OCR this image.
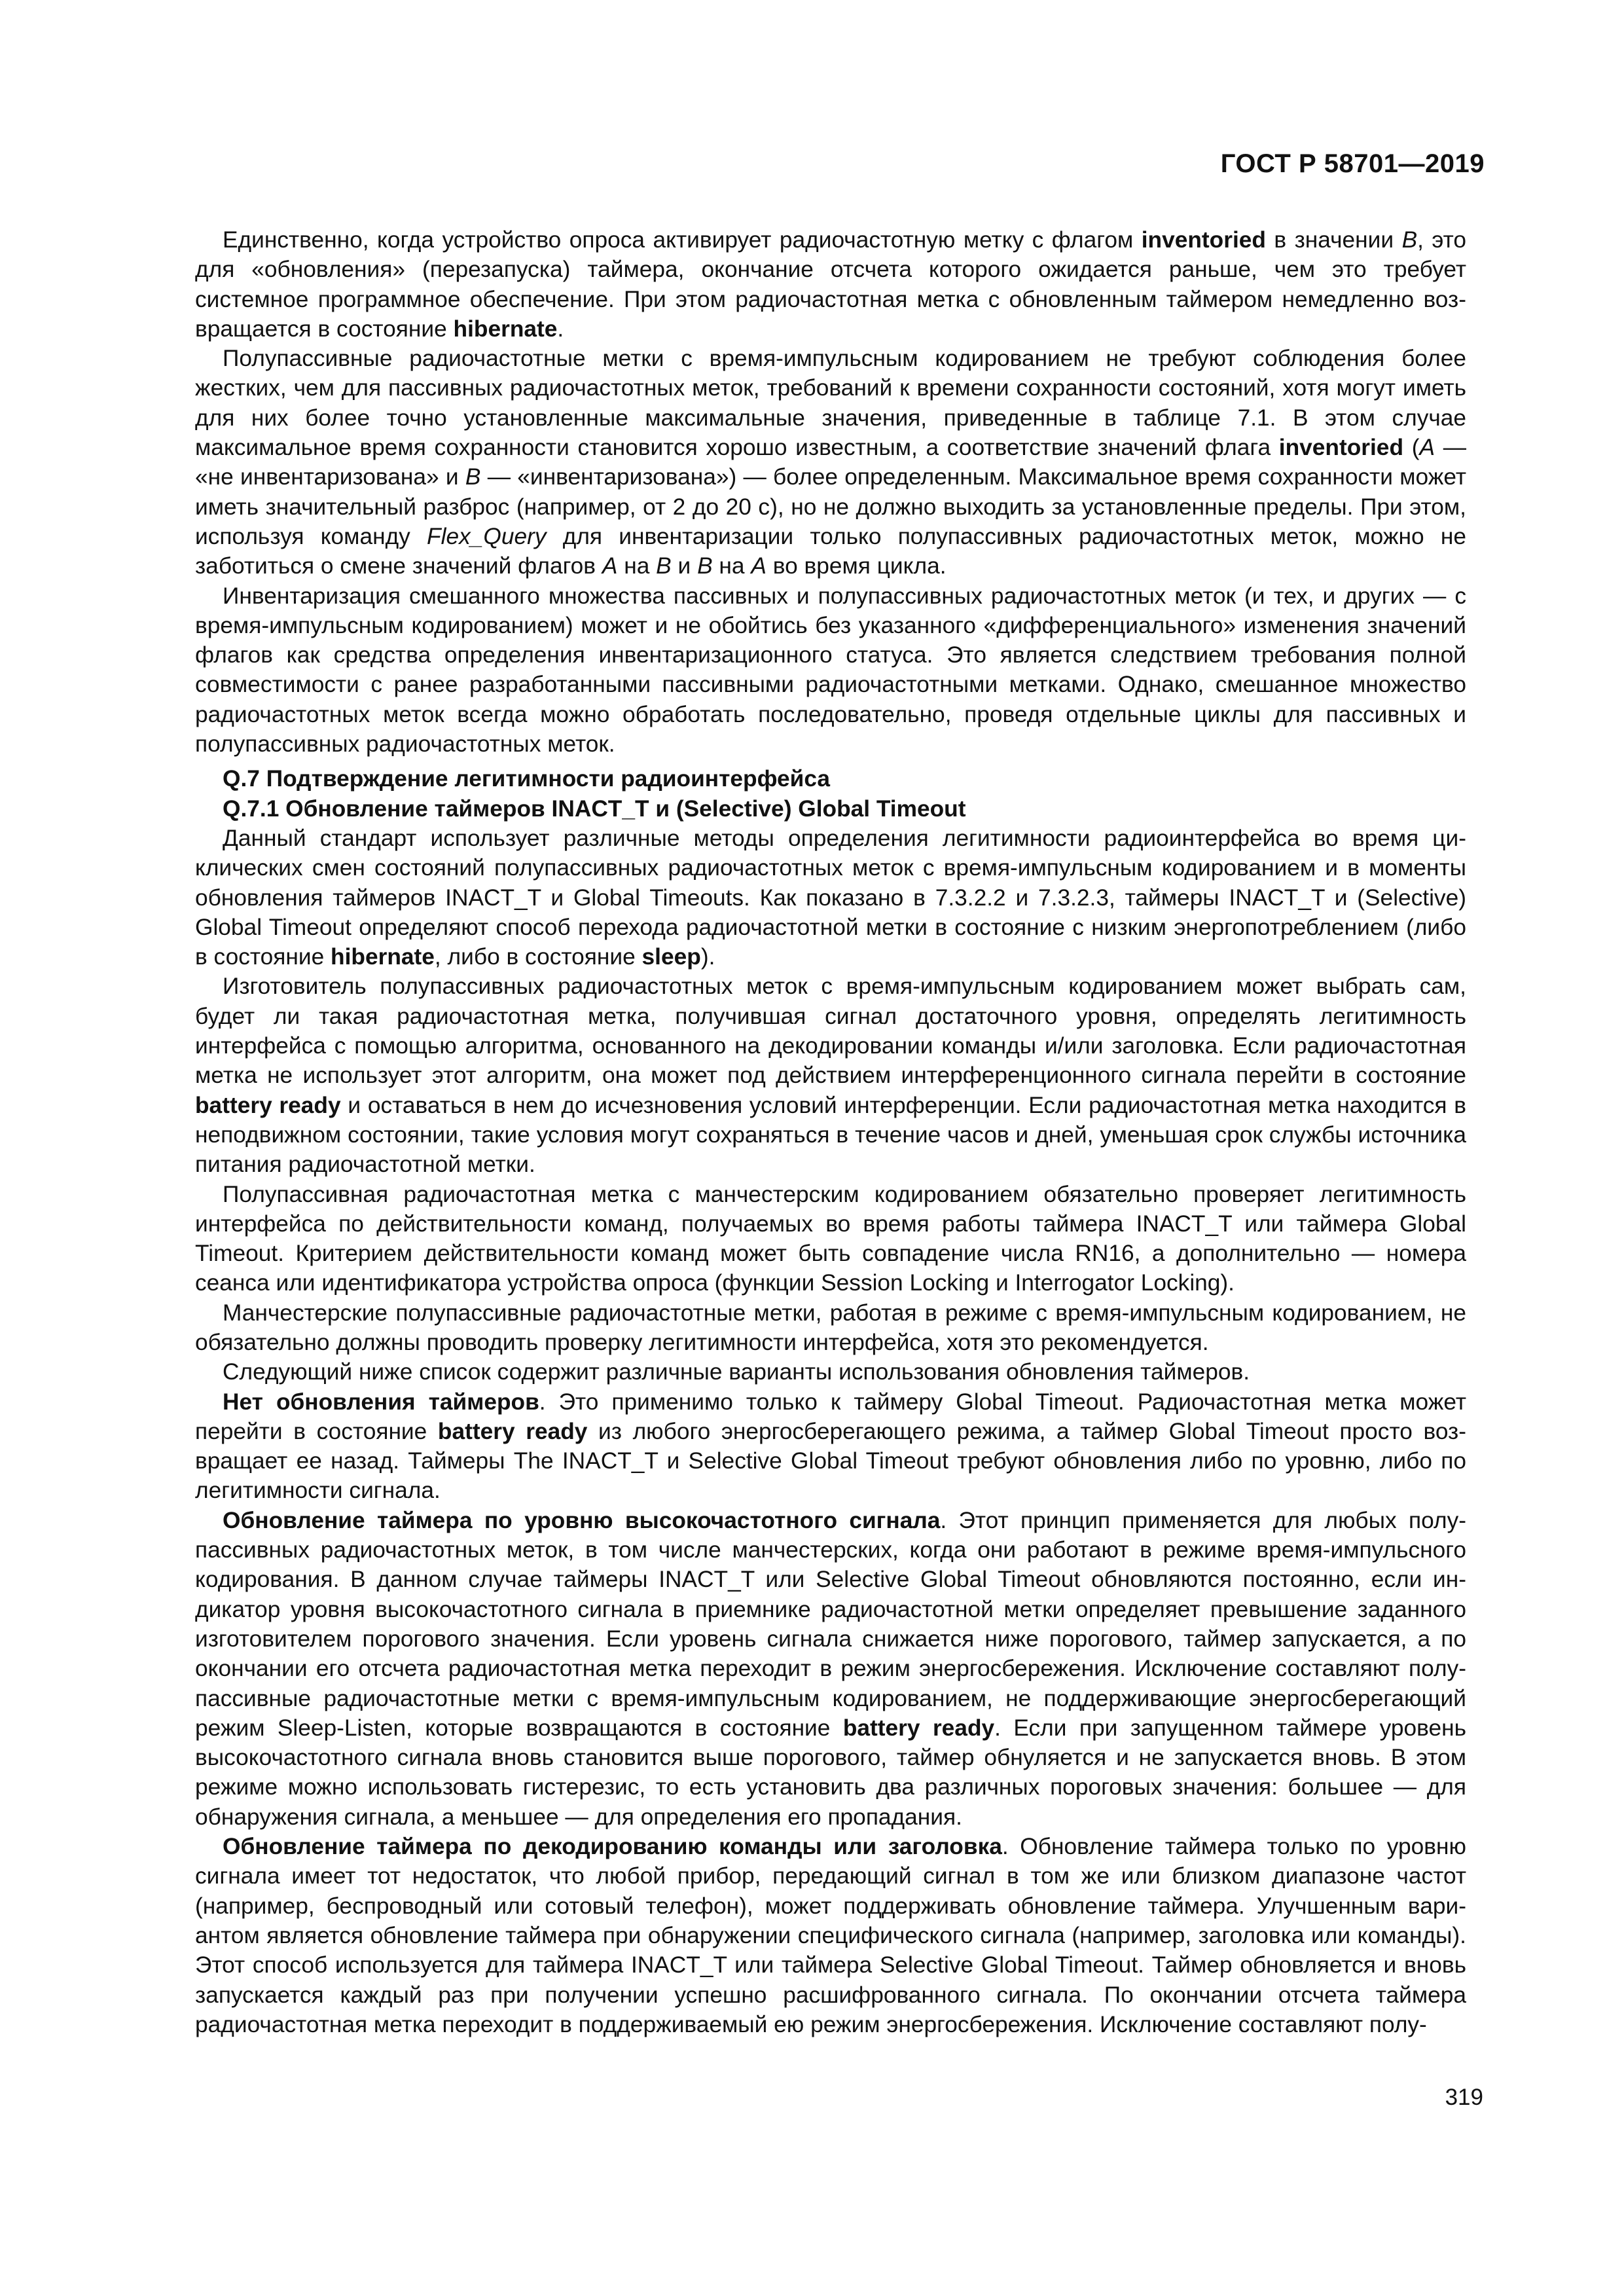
ГОСТ Р 58701—2019

Единственно, когда устройство опроса активирует радиочастотную метку с флагом inventoried в значении B, это для «обновления» (перезапуска) таймера, окончание отсчета которого ожидается раньше, чем это требует системное программное обеспечение. При этом радиочастотная метка с обновленным таймером немедленно возвращается в состояние hibernate.

Полупассивные радиочастотные метки с время-импульсным кодированием не требуют соблюдения более жестких, чем для пассивных радиочастотных меток, требований к времени сохранности состояний, хотя могут иметь для них более точно установленные максимальные значения, приведенные в таблице 7.1. В этом случае максимальное время сохранности становится хорошо известным, а соответствие значений флага inventoried (A — «не инвентаризована» и B — «инвентаризована») — более определенным. Максимальное время сохранности может иметь значительный разброс (например, от 2 до 20 с), но не должно выходить за установленные пределы. При этом, используя команду Flex_Query для инвентаризации только полупассивных радиочастотных меток, можно не заботиться о смене значений флагов A на B и B на A во время цикла.

Инвентаризация смешанного множества пассивных и полупассивных радиочастотных меток (и тех, и других — с время-импульсным кодированием) может и не обойтись без указанного «дифференциального» изменения значений флагов как средства определения инвентаризационного статуса. Это является следствием требования полной совместимости с ранее разработанными пассивными радиочастотными метками. Однако, смешанное множество радиочастотных меток всегда можно обработать последовательно, проведя отдельные циклы для пассивных и полупассивных радиочастотных меток.

Q.7 Подтверждение легитимности радиоинтерфейса

Q.7.1 Обновление таймеров INACT_T и (Selective) Global Timeout

Данный стандарт использует различные методы определения легитимности радиоинтерфейса во время циклических смен состояний полупассивных радиочастотных меток с время-импульсным кодированием и в моменты обновления таймеров INACT_T и Global Timeouts. Как показано в 7.3.2.2 и 7.3.2.3, таймеры INACT_T и (Selective) Global Timeout определяют способ перехода радиочастотной метки в состояние с низким энергопотреблением (либо в состояние hibernate, либо в состояние sleep).

Изготовитель полупассивных радиочастотных меток с время-импульсным кодированием может выбрать сам, будет ли такая радиочастотная метка, получившая сигнал достаточного уровня, определять легитимность интерфейса с помощью алгоритма, основанного на декодировании команды и/или заголовка. Если радиочастотная метка не использует этот алгоритм, она может под действием интерференционного сигнала перейти в состояние battery ready и оставаться в нем до исчезновения условий интерференции. Если радиочастотная метка находится в неподвижном состоянии, такие условия могут сохраняться в течение часов и дней, уменьшая срок службы источника питания радиочастотной метки.

Полупассивная радиочастотная метка с манчестерским кодированием обязательно проверяет легитимность интерфейса по действительности команд, получаемых во время работы таймера INACT_T или таймера Global Timeout. Критерием действительности команд может быть совпадение числа RN16, а дополнительно — номера сеанса или идентификатора устройства опроса (функции Session Locking и Interrogator Locking).

Манчестерские полупассивные радиочастотные метки, работая в режиме с время-импульсным кодированием, не обязательно должны проводить проверку легитимности интерфейса, хотя это рекомендуется.

Следующий ниже список содержит различные варианты использования обновления таймеров.

Нет обновления таймеров. Это применимо только к таймеру Global Timeout. Радиочастотная метка может перейти в состояние battery ready из любого энергосберегающего режима, а таймер Global Timeout просто возвращает ее назад. Таймеры The INACT_T и Selective Global Timeout требуют обновления либо по уровню, либо по легитимности сигнала.

Обновление таймера по уровню высокочастотного сигнала. Этот принцип применяется для любых полупассивных радиочастотных меток, в том числе манчестерских, когда они работают в режиме время-импульсного кодирования. В данном случае таймеры INACT_T или Selective Global Timeout обновляются постоянно, если индикатор уровня высокочастотного сигнала в приемнике радиочастотной метки определяет превышение заданного изготовителем порогового значения. Если уровень сигнала снижается ниже порогового, таймер запускается, а по окончании его отсчета радиочастотная метка переходит в режим энергосбережения. Исключение составляют полупассивные радиочастотные метки с время-импульсным кодированием, не поддерживающие энергосберегающий режим Sleep-Listen, которые возвращаются в состояние battery ready. Если при запущенном таймере уровень высокочастотного сигнала вновь становится выше порогового, таймер обнуляется и не запускается вновь. В этом режиме можно использовать гистерезис, то есть установить два различных пороговых значения: большее — для обнаружения сигнала, а меньшее — для определения его пропадания.

Обновление таймера по декодированию команды или заголовка. Обновление таймера только по уровню сигнала имеет тот недостаток, что любой прибор, передающий сигнал в том же или близком диапазоне частот (например, беспроводный или сотовый телефон), может поддерживать обновление таймера. Улучшенным вариантом является обновление таймера при обнаружении специфического сигнала (например, заголовка или команды). Этот способ используется для таймера INACT_T или таймера Selective Global Timeout. Таймер обновляется и вновь запускается каждый раз при получении успешно расшифрованного сигнала. По окончании отсчета таймера радиочастотная метка переходит в поддерживаемый ею режим энергосбережения. Исключение составляют полу-

319
